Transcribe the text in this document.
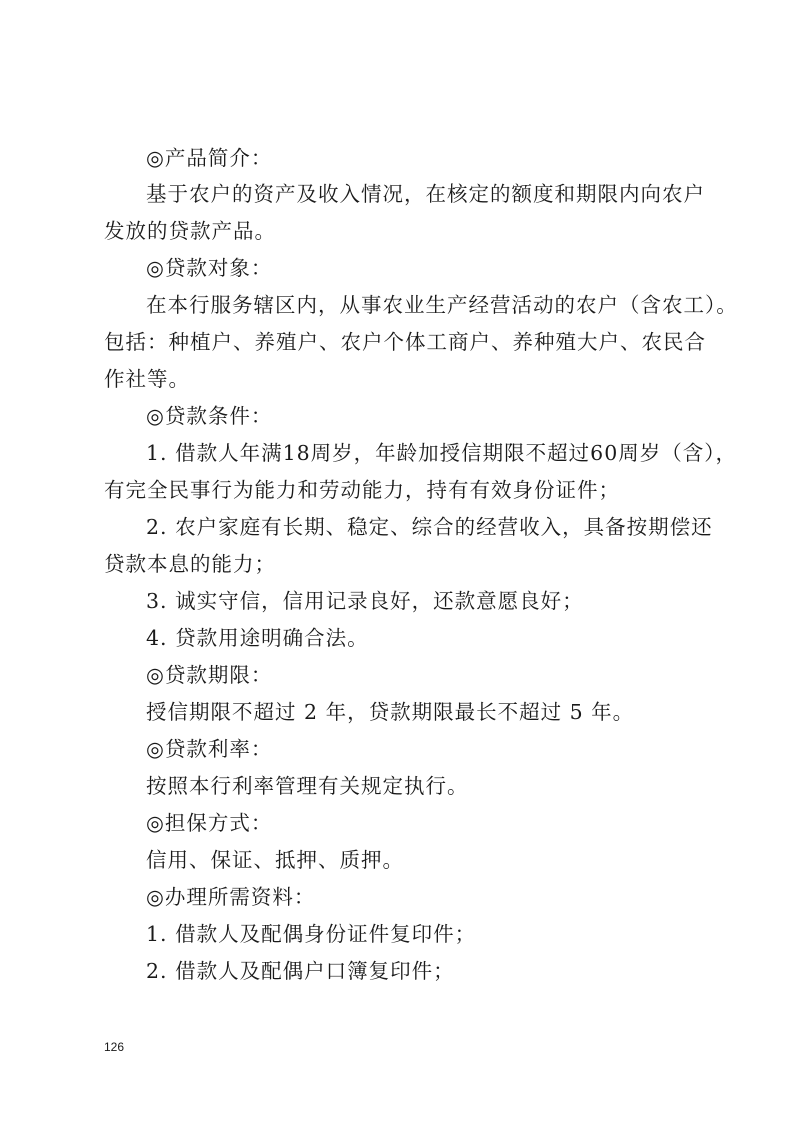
◎产品简介：
基于农户的资产及收入情况，在核定的额度和期限内向农户
发放的贷款产品。
◎贷款对象：
在本行服务辖区内，从事农业生产经营活动的农户（含农工）。
包括：种植户、养殖户、农户个体工商户、养种殖大户、农民合
作社等。
◎贷款条件：
1. 借款人年满18周岁，年龄加授信期限不超过60周岁（含），
有完全民事行为能力和劳动能力，持有有效身份证件；
2. 农户家庭有长期、稳定、综合的经营收入，具备按期偿还
贷款本息的能力；
3. 诚实守信，信用记录良好，还款意愿良好；
4. 贷款用途明确合法。
◎贷款期限：
授信期限不超过 2 年，贷款期限最长不超过 5 年。
◎贷款利率：
按照本行利率管理有关规定执行。
◎担保方式：
信用、保证、抵押、质押。
◎办理所需资料：
1. 借款人及配偶身份证件复印件；
2. 借款人及配偶户口簿复印件；
126
